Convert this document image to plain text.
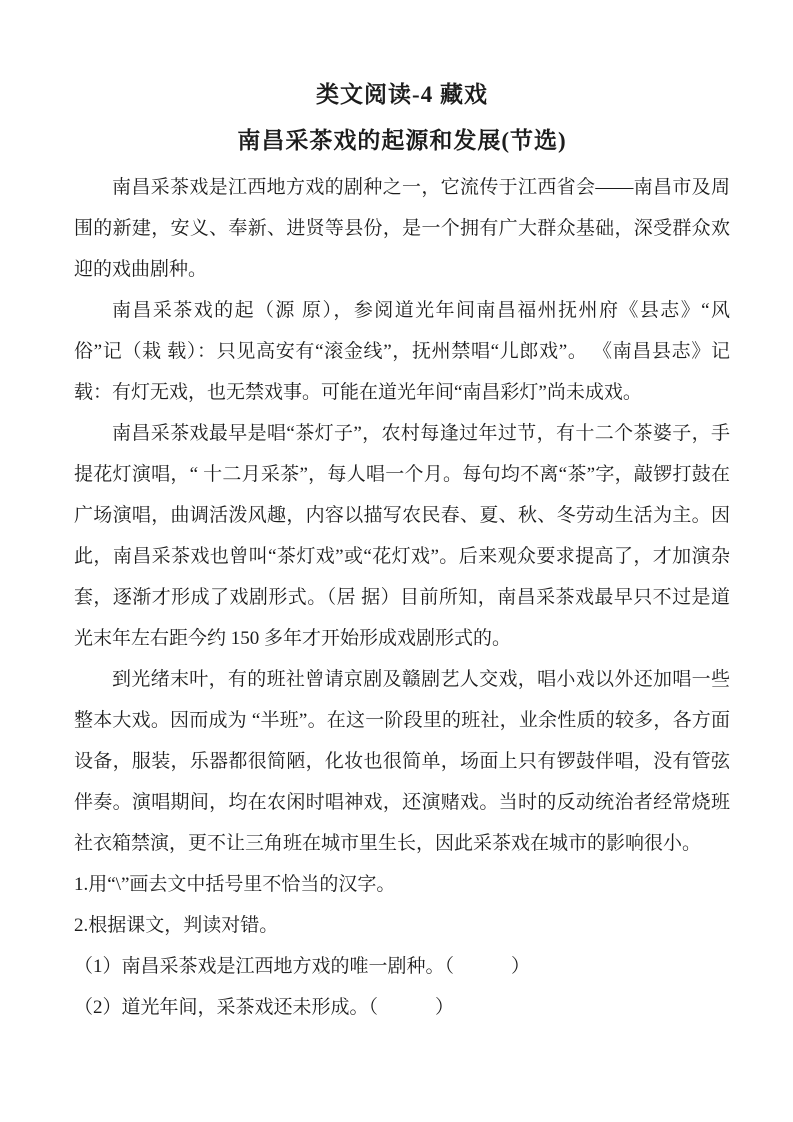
类文阅读-4 藏戏
南昌采茶戏的起源和发展(节选)

南昌采茶戏是江西地方戏的剧种之一，它流传于江西省会——南昌市及周围的新建，安义、奉新、进贤等县份，是一个拥有广大群众基础，深受群众欢迎的戏曲剧种。

南昌采茶戏的起（源 原），参阅道光年间南昌福州抚州府《县志》“风俗”记（栽 载）：只见高安有“滚金线”，抚州禁唱“儿郎戏”。 《南昌县志》记载：有灯无戏，也无禁戏事。可能在道光年间“南昌彩灯”尚未成戏。

南昌采茶戏最早是唱“茶灯子”，农村每逢过年过节，有十二个茶婆子，手提花灯演唱，“ 十二月采茶”，每人唱一个月。每句均不离“茶”字，敲锣打鼓在广场演唱，曲调活泼风趣，内容以描写农民春、夏、秋、冬劳动生活为主。因此，南昌采茶戏也曾叫“茶灯戏”或“花灯戏”。后来观众要求提高了，才加演杂套，逐渐才形成了戏剧形式。（居 据）目前所知，南昌采茶戏最早只不过是道光末年左右距今约 150 多年才开始形成戏剧形式的。

到光绪末叶，有的班社曾请京剧及赣剧艺人交戏，唱小戏以外还加唱一些整本大戏。因而成为 “半班”。在这一阶段里的班社，业余性质的较多，各方面设备，服装，乐器都很简陋，化妆也很简单，场面上只有锣鼓伴唱，没有管弦伴奏。演唱期间，均在农闲时唱神戏，还演赌戏。当时的反动统治者经常烧班社衣箱禁演，更不让三角班在城市里生长，因此采茶戏在城市的影响很小。

1.用“\”画去文中括号里不恰当的汉字。

2.根据课文，判读对错。

（1）南昌采茶戏是江西地方戏的唯一剧种。（　　　）

（2）道光年间，采茶戏还未形成。（　　　）
